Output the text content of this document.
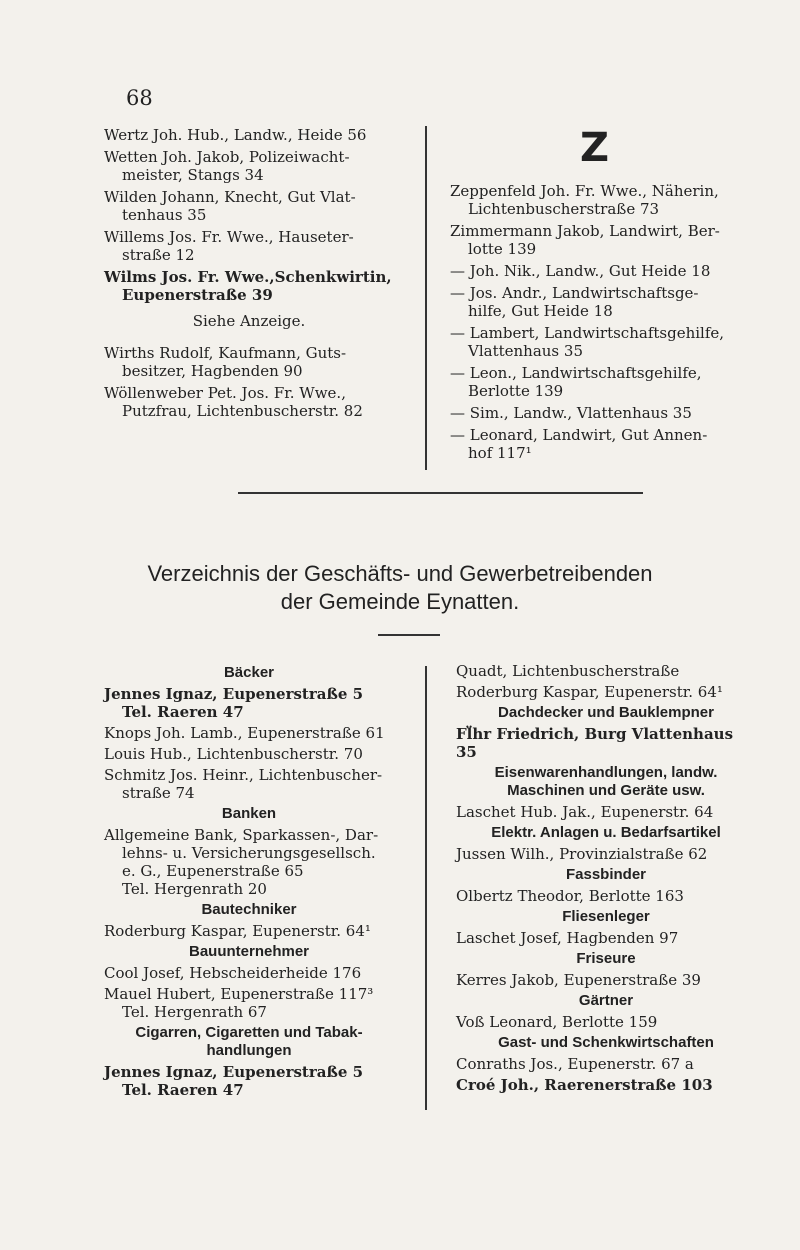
68
Wertz Joh. Hub., Landw., Heide 56
Wetten Joh. Jakob, Polizeiwacht-
meister, Stangs 34
Wilden Johann, Knecht, Gut Vlat-
tenhaus 35
Willems Jos. Fr. Wwe., Hauseter-
straße 12
Wilms Jos. Fr. Wwe.,Schenkwirtin,
Eupenerstraße 39
Siehe Anzeige.
Wirths Rudolf, Kaufmann, Guts-
besitzer, Hagbenden 90
Wöllenweber Pet. Jos. Fr. Wwe.,
Putzfrau, Lichtenbuscherstr. 82
Z
Zeppenfeld Joh. Fr. Wwe., Näherin,
Lichtenbuscherstraße 73
Zimmermann Jakob, Landwirt, Ber-
lotte 139
— Joh. Nik., Landw., Gut Heide 18
— Jos. Andr., Landwirtschaftsge-
hilfe, Gut Heide 18
— Lambert, Landwirtschaftsgehilfe,
Vlattenhaus 35
— Leon., Landwirtschaftsgehilfe,
Berlotte 139
— Sim., Landw., Vlattenhaus 35
— Leonard, Landwirt, Gut Annen-
hof 117¹
Verzeichnis der Geschäfts- und Gewerbetreibenden
der Gemeinde Eynatten.
Bäcker
Jennes Ignaz, Eupenerstraße 5
Tel. Raeren 47
Knops Joh. Lamb., Eupenerstraße 61
Louis Hub., Lichtenbuscherstr. 70
Schmitz Jos. Heinr., Lichtenbuscher-
straße 74
Banken
Allgemeine Bank, Sparkassen-, Dar-
lehns- u. Versicherungsgesellsch.
e. G., Eupenerstraße 65
Tel. Hergenrath 20
Bautechniker
Roderburg Kaspar, Eupenerstr. 64¹
Bauunternehmer
Cool Josef, Hebscheiderheide 176
Mauel Hubert, Eupenerstraße 117³
Tel. Hergenrath 67
Cigarren, Cigaretten und Tabak-handlungen
Jennes Ignaz, Eupenerstraße 5
Tel. Raeren 47
Quadt, Lichtenbuscherstraße
Roderburg Kaspar, Eupenerstr. 64¹
Dachdecker und Bauklempner
Fl̈hr Friedrich, Burg Vlattenhaus 35
Eisenwarenhandlungen, landw. Maschinen und Geräte usw.
Laschet Hub. Jak., Eupenerstr. 64
Elektr. Anlagen u. Bedarfsartikel
Jussen Wilh., Provinzialstraße 62
Fassbinder
Olbertz Theodor, Berlotte 163
Fliesenleger
Laschet Josef, Hagbenden 97
Friseure
Kerres Jakob, Eupenerstraße 39
Gärtner
Voß Leonard, Berlotte 159
Gast- und Schenkwirtschaften
Conraths Jos., Eupenerstr. 67 a
Croé Joh., Raerenerstraße 103
